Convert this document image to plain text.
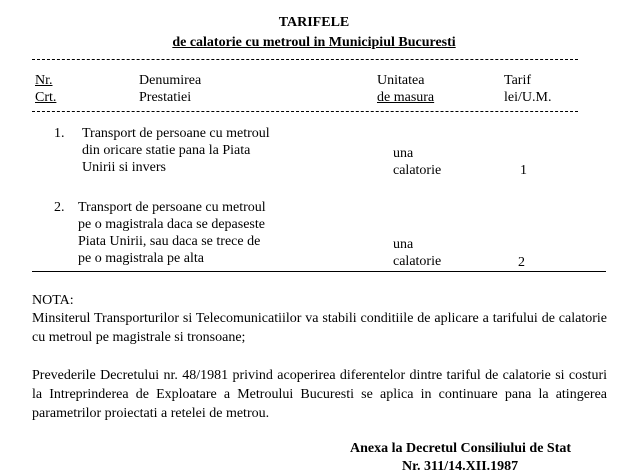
TARIFELE
de calatorie cu metroul in Municipiul Bucuresti
Nr.
Crt.
Denumirea
Prestatiei
Unitatea
de masura
Tarif
lei/U.M.
1. Transport de persoane cu metroul
din oricare statie pana la Piata
Unirii si invers
una
calatorie	1
2. Transport de persoane cu metroul
pe o magistrala daca se depaseste
Piata Unirii, sau daca se trece de
pe o magistrala pe alta
una
calatorie	2
NOTA:
Minsiterul Transporturilor si Telecomunicatiilor va stabili conditiile de aplicare a tarifului de calatorie cu metroul pe magistrale si tronsoane;
Prevederile Decretului nr. 48/1981 privind acoperirea diferentelor dintre tariful de calatorie si costuri la Intreprinderea de Exploatare a Metroului Bucuresti se aplica in continuare pana la atingerea parametrilor proiectati a retelei de metrou.
Anexa la Decretul Consiliului de Stat
Nr. 311/14.XII.1987
